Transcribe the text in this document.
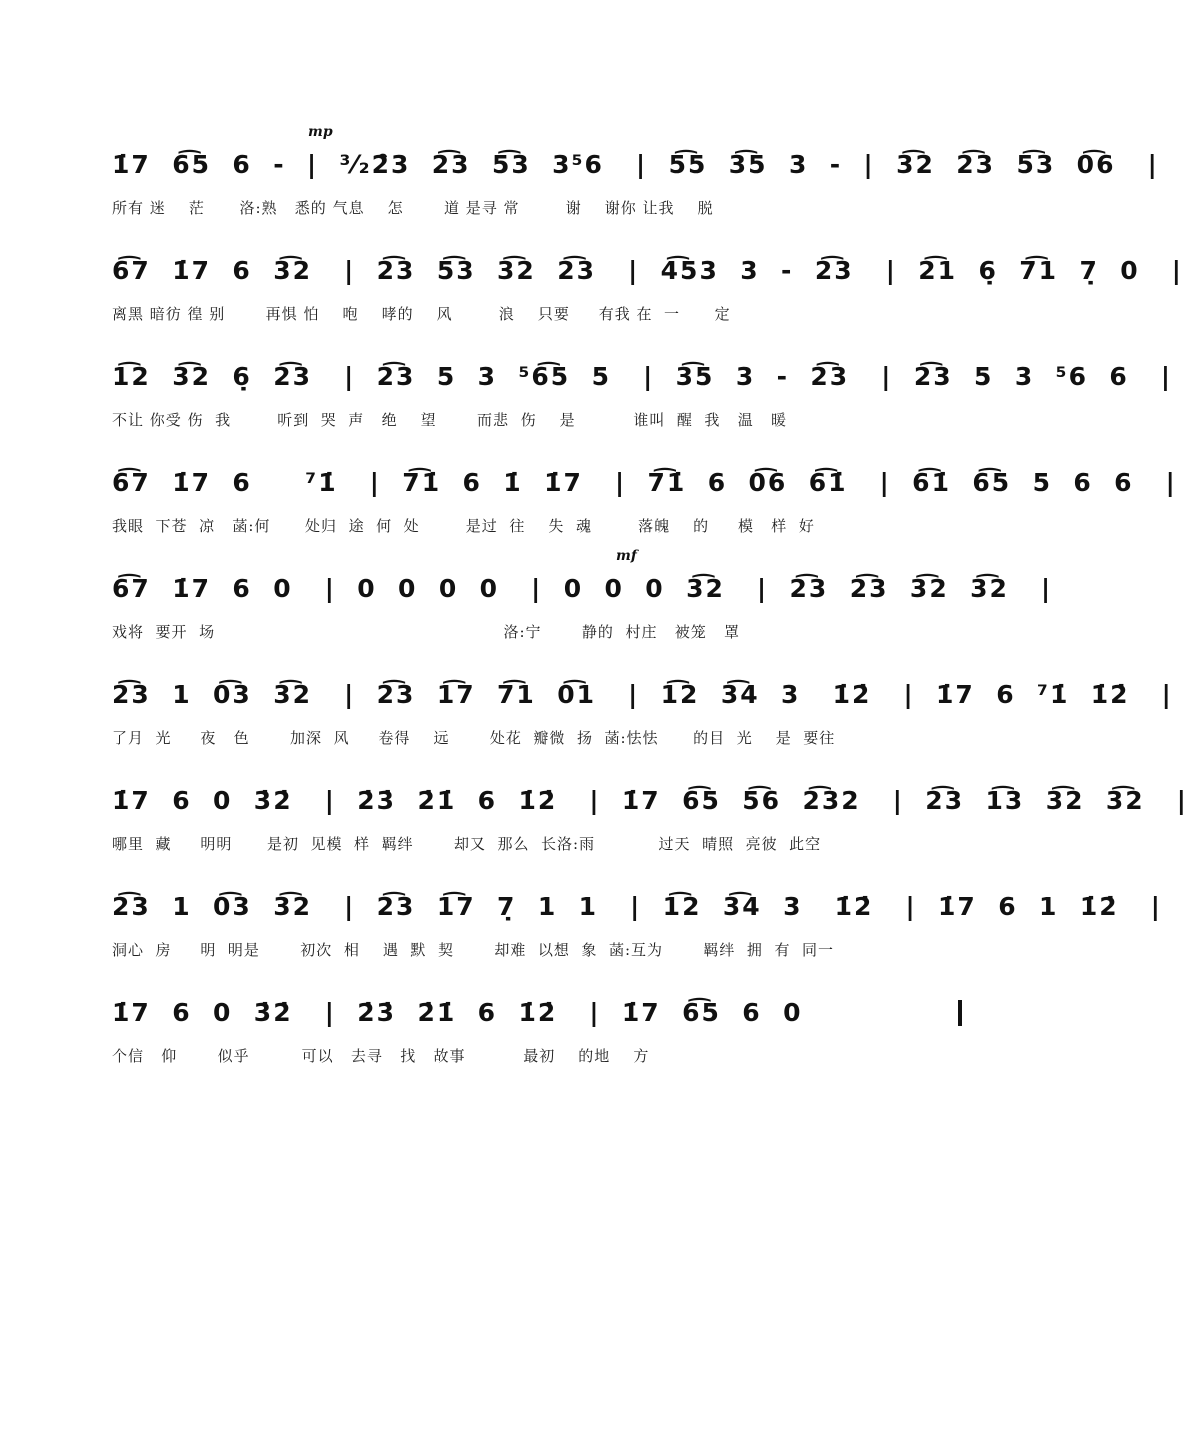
mp
1̇7  6͡5  6  -  |  ³⁄₂2̑3  2͡3  5͡3  3⁵6   |  5͡5  3͡5  3  -  |  3͡2  2͡3  5͡3  0͡6   |
所有 迷    茫      洛:熟   悉的 气息    怎       道 是寻 常        谢    谢你 让我    脱
6͡7  1̇7  6  3͡2   |  2͡3  5͡3  3͡2  2͡3   |  4͡53  3  -  2͡3   |  2͡1  6̣  7͡1  7̣  0   |
离黑 暗彷 徨 别       再惧 怕    咆    哮的    风        浪    只要     有我 在  一      定
1͡2  3͡2  6̣  2͡3   |  2͡3  5  3  ⁵6͡5  5   |  3͡5  3  -  2͡3   |  2͡3  5  3  ⁵6  6   |
不让 你受 伤  我        听到  哭  声   绝    望       而悲  伤    是          谁叫  醒  我   温   暖
6͡7  1̇7  6     ⁷1̇   |  7͡1̇  6  1̇  1̇7   |  7͡1̇  6  0͡6  6͡1̇   |  6͡1̇  6͡5  5  6  6   |
我眼  下苍  凉   菡:何      处归  途  何  处        是过  往    失  魂        落魄    的     模   样  好
mf
6͡7  1̇7  6  0   |  0  0  0  0   |  0  0  0  3͡2   |  2͡3  2͡3  3͡2  3͡2   |
戏将  要开  场                                                  洛:宁       静的  村庄   被笼   罩
2͡3  1  0͡3  3͡2   |  2͡3  1͡7  7͡1  0͡1   |  1͡2  3͡4  3   1̇2̇   |  1̇7  6  ⁷1̇  1̇2̇   |
了月  光     夜   色       加深  风     卷得    远       处花  瓣微  扬  菡:怯怯      的目  光    是  要往
1̇7  6  0  3̇2̇   |  2̇3̇  2̇1̇  6  1̇2̇   |  1̇7  6͡5  5͡6  2͡32   |  2͡3  1͡3  3͡2  3͡2   |
哪里  藏     明明      是初  见模  样  羁绊       却又  那么  长洛:雨           过天  晴照  亮彼  此空
2͡3  1  0͡3  3͡2   |  2͡3  1͡7  7̣  1  1   |  1͡2  3͡4  3   1̇2̇   |  1̇7  6  1  1̇2̇   |
洞心  房     明  明是       初次  相    遇  默  契       却难  以想  象  菡:互为       羁绊  拥  有  同一
1̇7  6  0  3̇2̇   |  2̇3̇  2̇1̇  6  1̇2̇   |  1̇7  6͡5  6  0
个信   仰       似乎         可以   去寻   找   故事          最初    的地    方
